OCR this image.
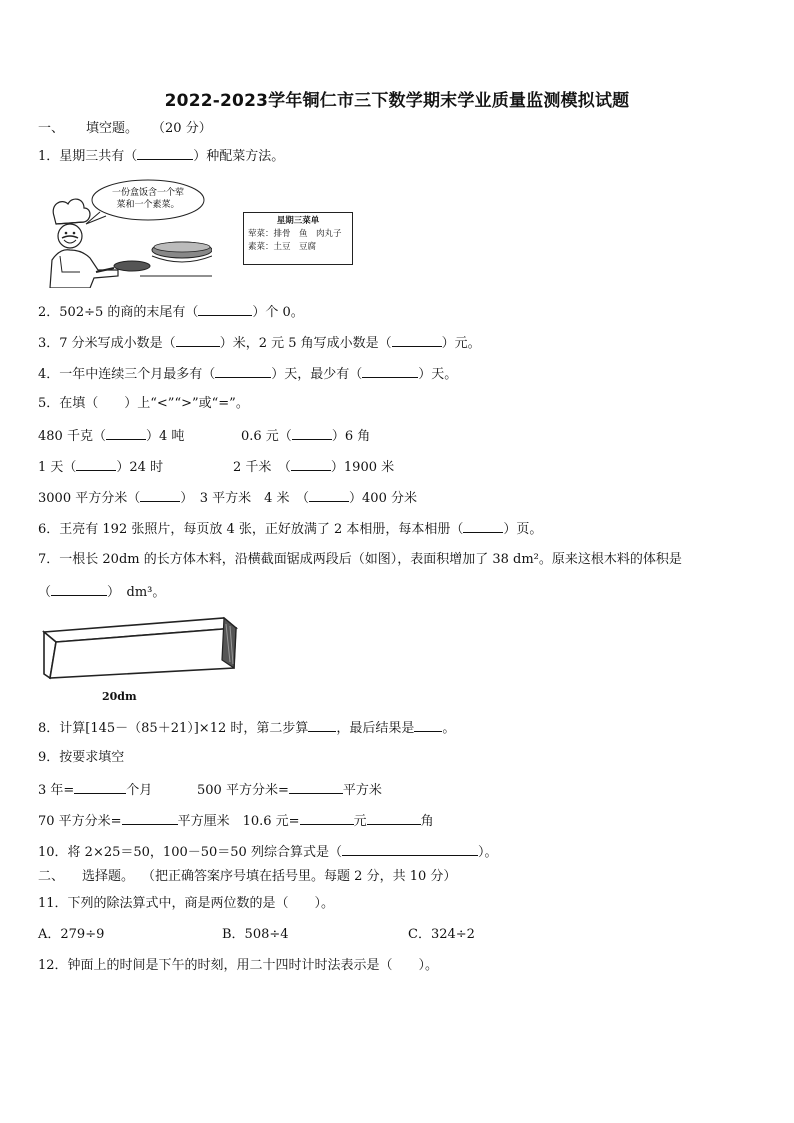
2022-2023学年铜仁市三下数学期末学业质量监测模拟试题
一、 填空题。 （20 分）
1．星期三共有（	）种配菜方法。
一份盒饭含一个荤
菜和一个素菜。
星期三菜单
荤菜：排骨　鱼　肉丸子
素菜：土豆　豆腐
2．502÷5 的商的末尾有（	）个 0。
3．7 分米写成小数是（	）米，2 元 5 角写成小数是（	）元。
4．一年中连续三个月最多有（	）天，最少有（	）天。
5．在填（　　）上“<”“>”或“=”。
480 千克（	）4 吨	0.6 元（	）6 角
1 天（	）24 时	2 千米　（	）1900 米
3000 平方分米（	）　3 平方米　4 米　（	）400 分米
6．王亮有 192 张照片，每页放 4 张，正好放满了 2 本相册，每本相册（	）页。
7．一根长 20dm 的长方体木料，沿横截面锯成两段后（如图），表面积增加了 38 dm²。原来这根木料的体积是
（	）　dm³。
20dm
8．计算[145－（85＋21）]×12 时，第二步算 ，最后结果是 。
9．按要求填空
3 年=	个月	500 平方分米=	平方米
70 平方分米=	平方厘米　10.6 元=	元	角
10．将 2×25＝50，100－50＝50 列综合算式是（	）。
二、 选择题。 （把正确答案序号填在括号里。每题 2 分，共 10 分）
11．下列的除法算式中，商是两位数的是（　　）。
A．279÷9	B．508÷4	C．324÷2
12．钟面上的时间是下午的时刻，用二十四时计时法表示是（　　）。
